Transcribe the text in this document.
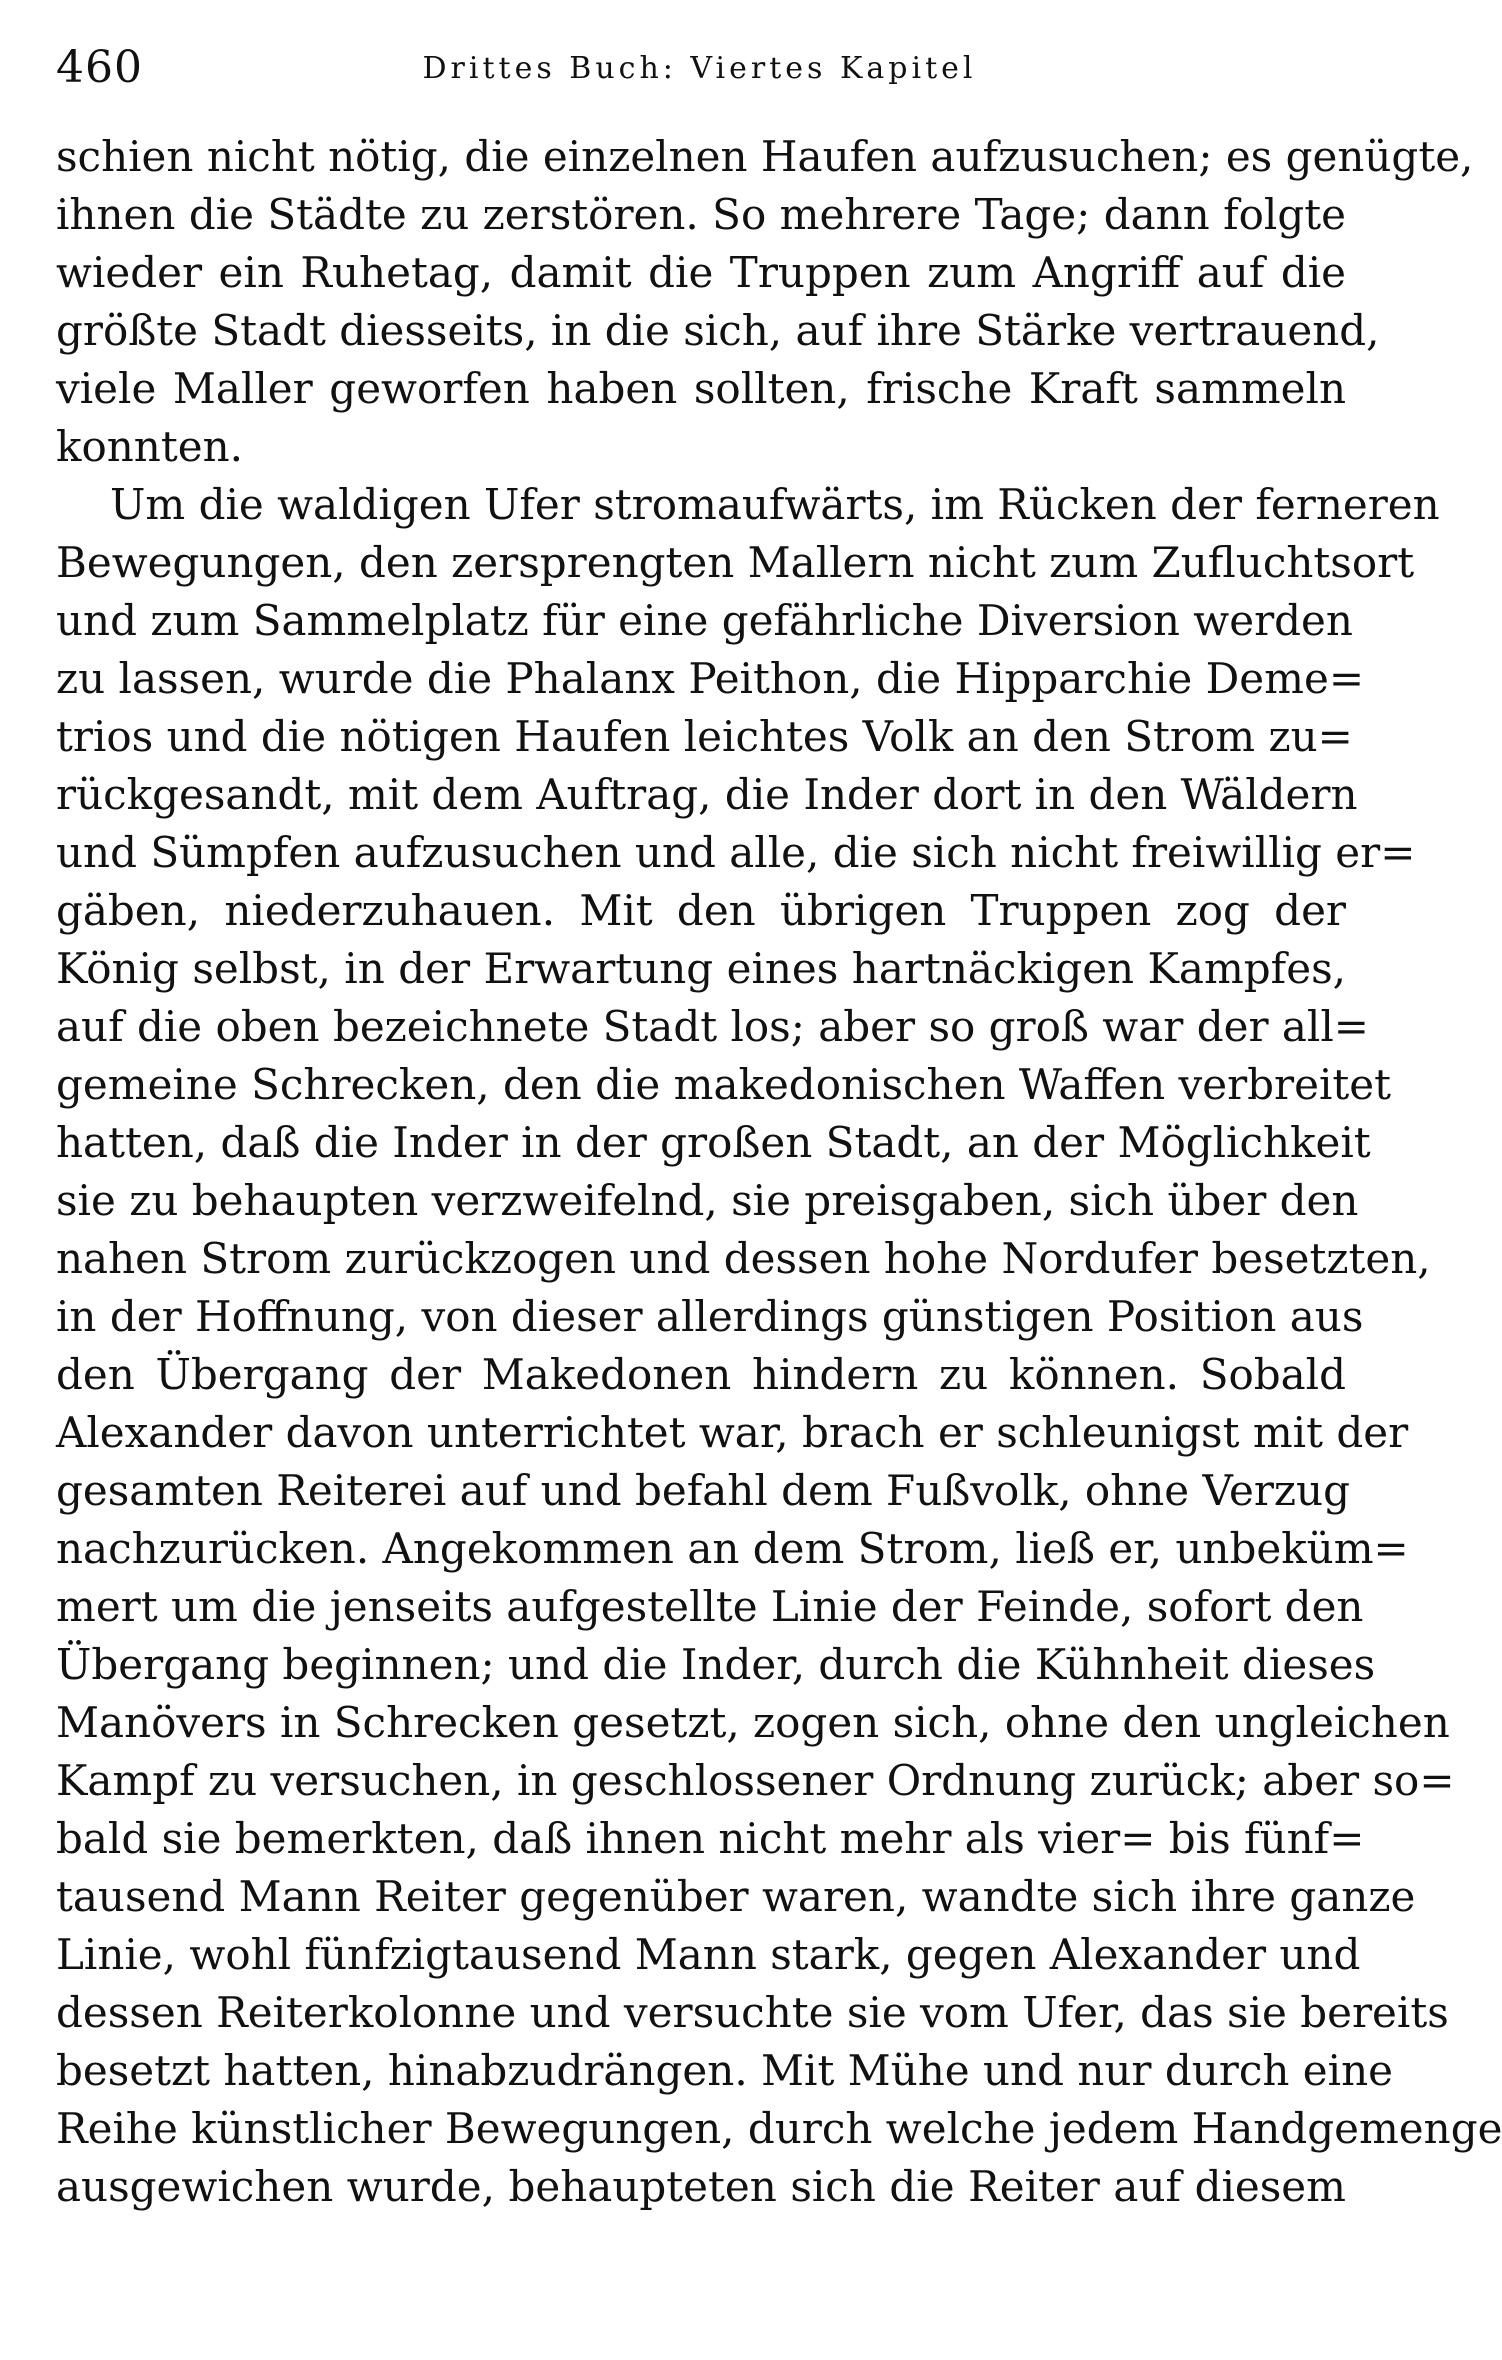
460	Drittes Buch: Viertes Kapitel
schien nicht nötig, die einzelnen Haufen aufzusuchen; es genügte,
ihnen die Städte zu zerstören. So mehrere Tage; dann folgte
wieder ein Ruhetag, damit die Truppen zum Angriff auf die
größte Stadt diesseits, in die sich, auf ihre Stärke vertrauend,
viele Maller geworfen haben sollten, frische Kraft sammeln
konnten.
Um die waldigen Ufer stromaufwärts, im Rücken der ferneren
Bewegungen, den zersprengten Mallern nicht zum Zufluchtsort
und zum Sammelplatz für eine gefährliche Diversion werden
zu lassen, wurde die Phalanx Peithon, die Hipparchie Deme=
trios und die nötigen Haufen leichtes Volk an den Strom zu=
rückgesandt, mit dem Auftrag, die Inder dort in den Wäldern
und Sümpfen aufzusuchen und alle, die sich nicht freiwillig er=
gäben, niederzuhauen. Mit den übrigen Truppen zog der
König selbst, in der Erwartung eines hartnäckigen Kampfes,
auf die oben bezeichnete Stadt los; aber so groß war der all=
gemeine Schrecken, den die makedonischen Waffen verbreitet
hatten, daß die Inder in der großen Stadt, an der Möglichkeit
sie zu behaupten verzweifelnd, sie preisgaben, sich über den
nahen Strom zurückzogen und dessen hohe Nordufer besetzten,
in der Hoffnung, von dieser allerdings günstigen Position aus
den Übergang der Makedonen hindern zu können. Sobald
Alexander davon unterrichtet war, brach er schleunigst mit der
gesamten Reiterei auf und befahl dem Fußvolk, ohne Verzug
nachzurücken. Angekommen an dem Strom, ließ er, unbeküm=
mert um die jenseits aufgestellte Linie der Feinde, sofort den
Übergang beginnen; und die Inder, durch die Kühnheit dieses
Manövers in Schrecken gesetzt, zogen sich, ohne den ungleichen
Kampf zu versuchen, in geschlossener Ordnung zurück; aber so=
bald sie bemerkten, daß ihnen nicht mehr als vier= bis fünf=
tausend Mann Reiter gegenüber waren, wandte sich ihre ganze
Linie, wohl fünfzigtausend Mann stark, gegen Alexander und
dessen Reiterkolonne und versuchte sie vom Ufer, das sie bereits
besetzt hatten, hinabzudrängen. Mit Mühe und nur durch eine
Reihe künstlicher Bewegungen, durch welche jedem Handgemenge
ausgewichen wurde, behaupteten sich die Reiter auf diesem
